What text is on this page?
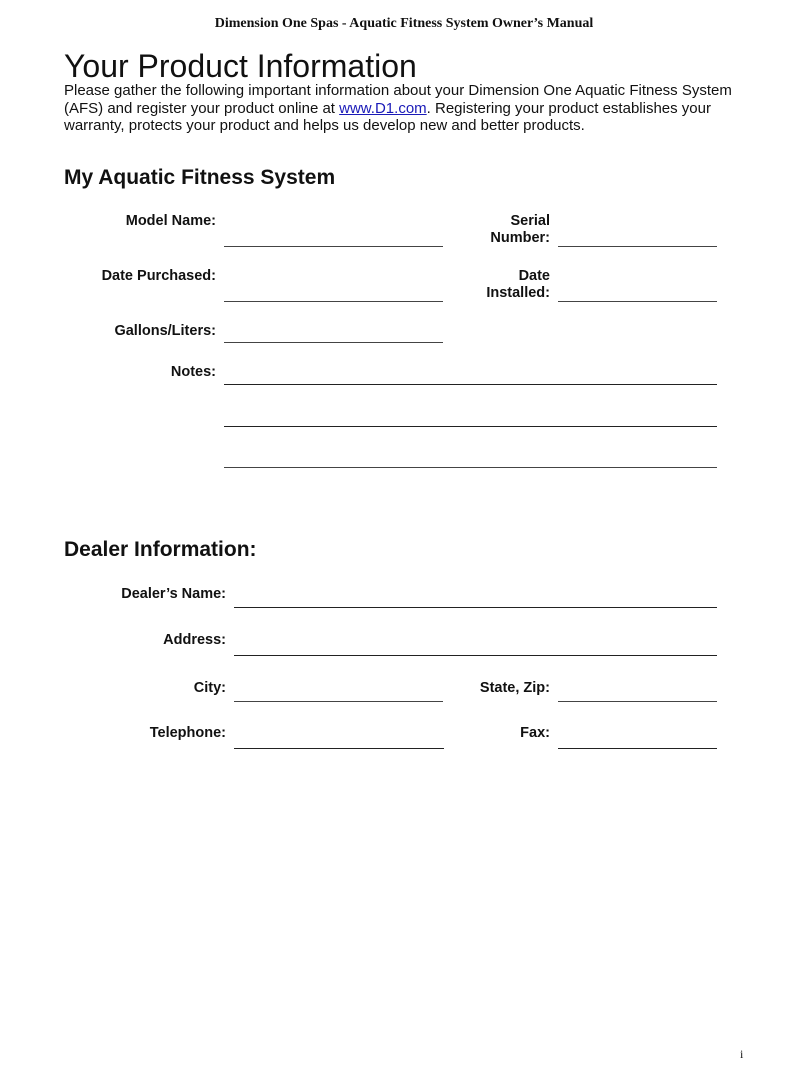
Dimension One Spas - Aquatic Fitness System Owner’s Manual
Your Product Information

Please gather the following important information about your Dimension One Aquatic Fitness System (AFS) and register your product online at www.D1.com. Registering your product establishes your warranty, protects your product and helps us develop new and better products.

My Aquatic Fitness System
Model Name:	Serial
Number:
Date Purchased:	Date
Installed:
Gallons/Liters:
Notes:
Dealer Information:
Dealer’s Name:
Address:
City:	State, Zip:
Telephone:	Fax:
i
